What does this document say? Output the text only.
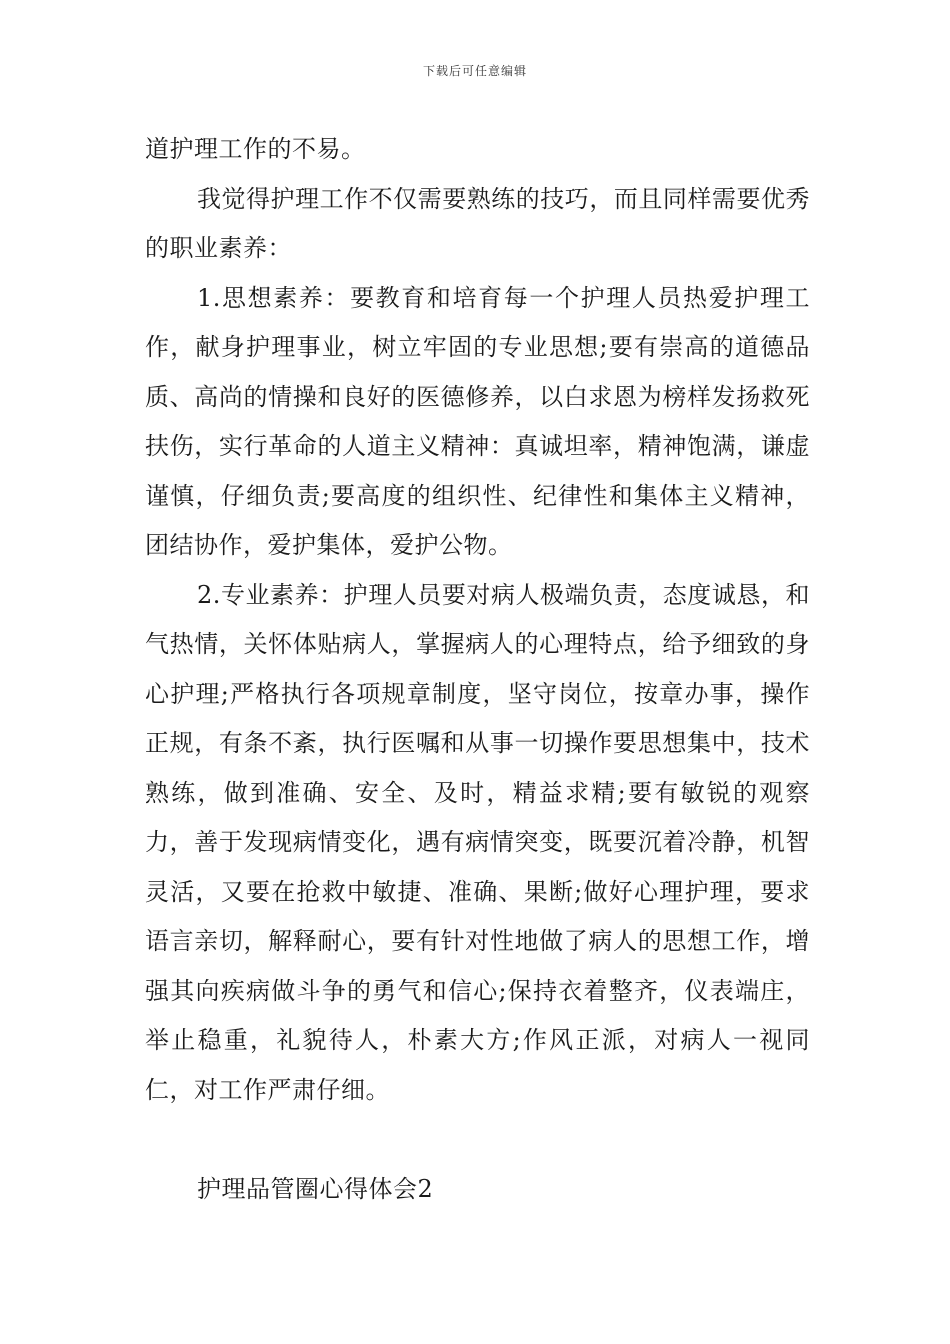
下载后可任意编辑

道护理工作的不易。

我觉得护理工作不仅需要熟练的技巧，而且同样需要优秀的职业素养：

1.思想素养：要教育和培育每一个护理人员热爱护理工作，献身护理事业，树立牢固的专业思想;要有崇高的道德品质、高尚的情操和良好的医德修养，以白求恩为榜样发扬救死扶伤，实行革命的人道主义精神：真诚坦率，精神饱满，谦虚谨慎，仔细负责;要高度的组织性、纪律性和集体主义精神，团结协作，爱护集体，爱护公物。

2.专业素养：护理人员要对病人极端负责，态度诚恳，和气热情，关怀体贴病人，掌握病人的心理特点，给予细致的身心护理;严格执行各项规章制度，坚守岗位，按章办事，操作正规，有条不紊，执行医嘱和从事一切操作要思想集中，技术熟练，做到准确、安全、及时，精益求精;要有敏锐的观察力，善于发现病情变化，遇有病情突变，既要沉着冷静，机智灵活，又要在抢救中敏捷、准确、果断;做好心理护理，要求语言亲切，解释耐心，要有针对性地做了病人的思想工作，增强其向疾病做斗争的勇气和信心;保持衣着整齐，仪表端庄，举止稳重，礼貌待人，朴素大方;作风正派，对病人一视同仁，对工作严肃仔细。

护理品管圈心得体会2
